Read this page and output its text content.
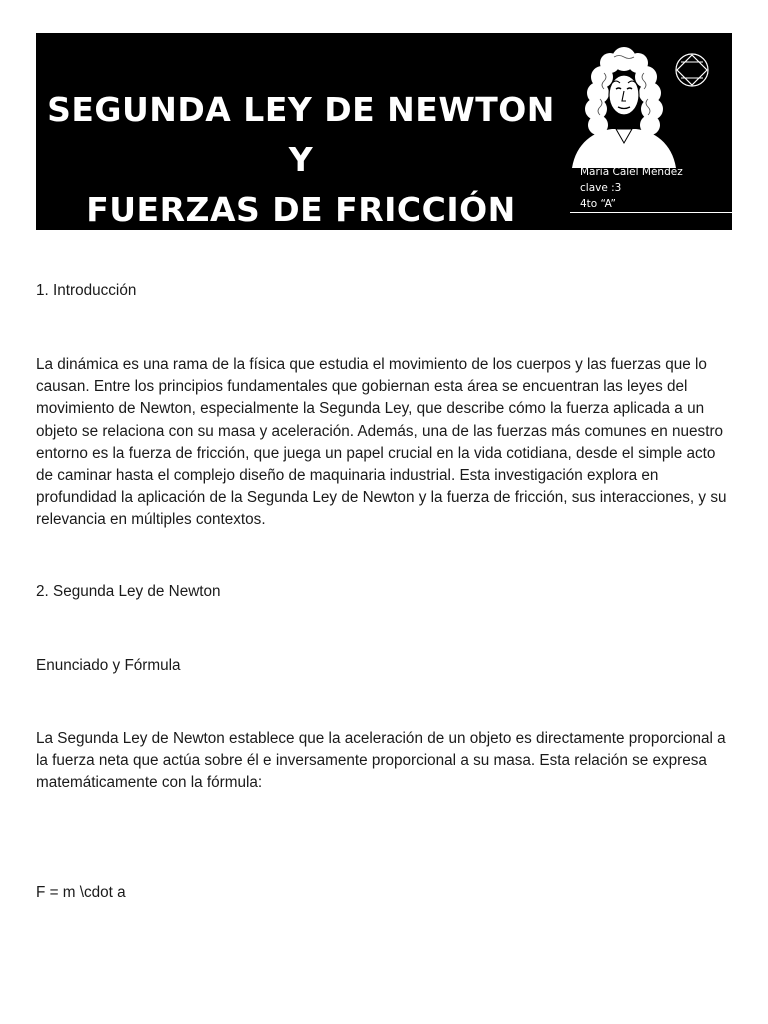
SEGUNDA LEY DE NEWTON Y
FUERZAS DE FRICCIÓN
Maria Calel Méndez
clave :3
4to “A”

1. Introducción

La dinámica es una rama de la física que estudia el movimiento de los cuerpos y las fuerzas que lo causan. Entre los principios fundamentales que gobiernan esta área se encuentran las leyes del movimiento de Newton, especialmente la Segunda Ley, que describe cómo la fuerza aplicada a un objeto se relaciona con su masa y aceleración. Además, una de las fuerzas más comunes en nuestro entorno es la fuerza de fricción, que juega un papel crucial en la vida cotidiana, desde el simple acto de caminar hasta el complejo diseño de maquinaria industrial. Esta investigación explora en profundidad la aplicación de la Segunda Ley de Newton y la fuerza de fricción, sus interacciones, y su relevancia en múltiples contextos.

2. Segunda Ley de Newton

Enunciado y Fórmula

La Segunda Ley de Newton establece que la aceleración de un objeto es directamente proporcional a la fuerza neta que actúa sobre él e inversamente proporcional a su masa. Esta relación se expresa matemáticamente con la fórmula:

F = m \cdot a
